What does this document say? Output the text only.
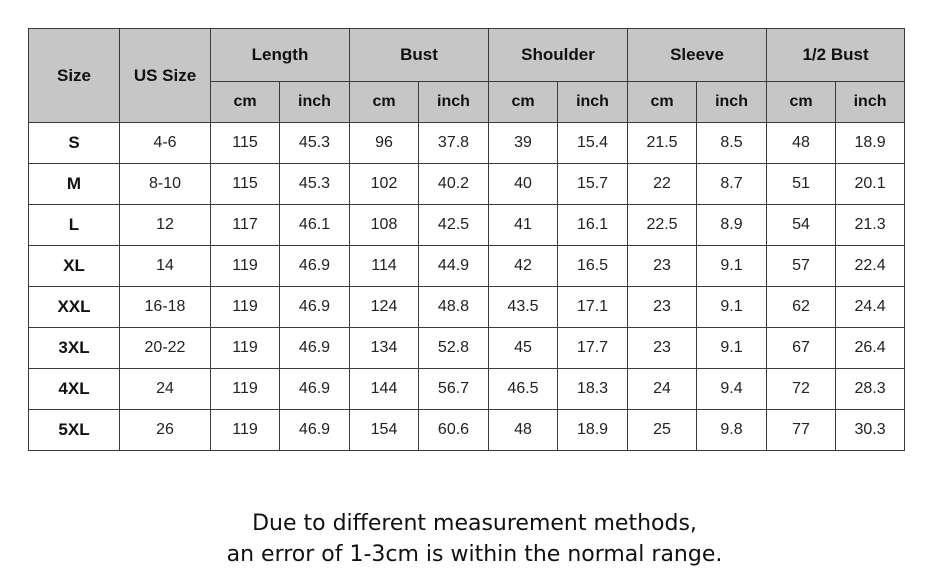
Size	US Size	Length		Bust		Shoulder		Sleeve		1/2 Bust	
		cm	inch	cm	inch	cm	inch	cm	inch	cm	inch
S	4-6	115	45.3	96	37.8	39	15.4	21.5	8.5	48	18.9
M	8-10	115	45.3	102	40.2	40	15.7	22	8.7	51	20.1
L	12	117	46.1	108	42.5	41	16.1	22.5	8.9	54	21.3
XL	14	119	46.9	114	44.9	42	16.5	23	9.1	57	22.4
XXL	16-18	119	46.9	124	48.8	43.5	17.1	23	9.1	62	24.4
3XL	20-22	119	46.9	134	52.8	45	17.7	23	9.1	67	26.4
4XL	24	119	46.9	144	56.7	46.5	18.3	24	9.4	72	28.3
5XL	26	119	46.9	154	60.6	48	18.9	25	9.8	77	30.3
Due to different measurement methods,
an error of 1-3cm is within the normal range.
